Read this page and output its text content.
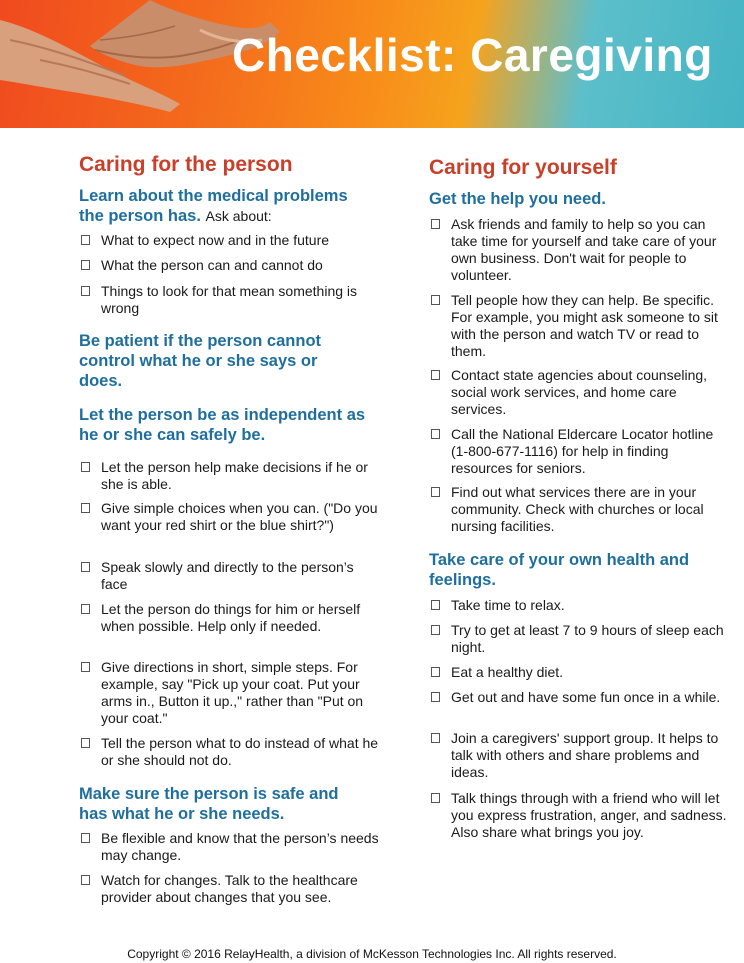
Checklist: Caregiving
Caring for the person
Learn about the medical problems the person has. Ask about:
What to expect now and in the future
What the person can and cannot do
Things to look for that mean something is wrong
Be patient if the person cannot control what he or she says or does.
Let the person be as independent as he or she can safely be.
Let the person help make decisions if he or she is able.
Give simple choices when you can. ("Do you want your red shirt or the blue shirt?")
Speak slowly and directly to the person’s face
Let the person do things for him or herself when possible. Help only if needed.
Give directions in short, simple steps. For example, say "Pick up your coat. Put your arms in., Button it up.," rather than "Put on your coat."
Tell the person what to do instead of what he or she should not do.
Make sure the person is safe and has what he or she needs.
Be flexible and know that the person’s needs may change.
Watch for changes. Talk to the healthcare provider about changes that you see.
Caring for yourself
Get the help you need.
Ask friends and family to help so you can take time for yourself and take care of your own business. Don't wait for people to volunteer.
Tell people how they can help. Be specific. For example, you might ask someone to sit with the person and watch TV or read to them.
Contact state agencies about counseling, social work services, and home care services.
Call the National Eldercare Locator hotline (1-800-677-1116) for help in finding resources for seniors.
Find out what services there are in your community. Check with churches or local nursing facilities.
Take care of your own health and feelings.
Take time to relax.
Try to get at least 7 to 9 hours of sleep each night.
Eat a healthy diet.
Get out and have some fun once in a while.
Join a caregivers' support group. It helps to talk with others and share problems and ideas.
Talk things through with a friend who will let you express frustration, anger, and sadness. Also share what brings you joy.
Copyright © 2016 RelayHealth, a division of McKesson Technologies Inc. All rights reserved.
